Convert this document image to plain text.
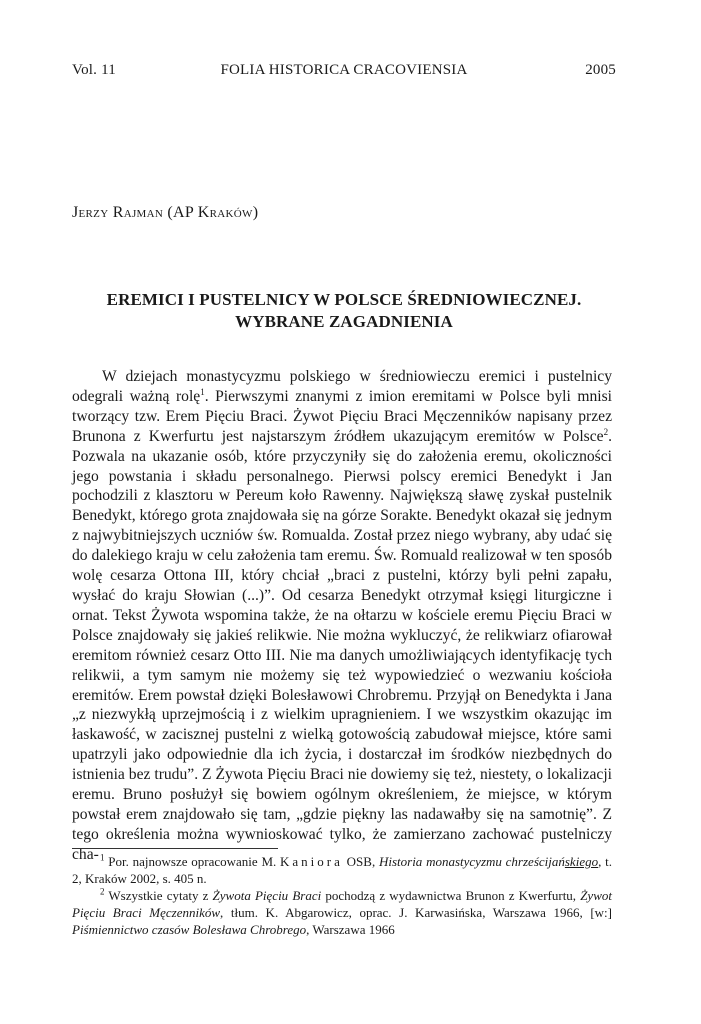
Vol. 11	FOLIA HISTORICA CRACOVIENSIA	2005
Jerzy Rajman (AP Kraków)
EREMICI I PUSTELNICY W POLSCE ŚREDNIOWIECZNEJ.
WYBRANE ZAGADNIENIA

W dziejach monastycyzmu polskiego w średniowieczu eremici i pustelnicy odegrali ważną rolę$^1$. Pierwszymi znanymi z imion eremitami w Polsce byli mnisi tworzący tzw. Erem Pięciu Braci. Żywot Pięciu Braci Męczenników napisany przez Brunona z Kwerfurtu jest najstarszym źródłem ukazującym eremitów w Polsce$^2$. Pozwala na ukazanie osób, które przyczyniły się do założenia eremu, okoliczności jego powstania i składu personalnego. Pierwsi polscy eremici Benedykt i Jan pochodzili z klasztoru w Pereum koło Rawenny. Największą sławę zyskał pustelnik Benedykt, którego grota znajdowała się na górze Sorakte. Benedykt okazał się jednym z najwybitniejszych uczniów św. Romualda. Został przez niego wybrany, aby udać się do dalekiego kraju w celu założenia tam eremu. Św. Romuald realizował w ten sposób wolę cesarza Ottona III, który chciał „braci z pustelni, którzy byli pełni zapału, wysłać do kraju Słowian (...)”. Od cesarza Benedykt otrzymał księgi liturgiczne i ornat. Tekst Żywota wspomina także, że na ołtarzu w kościele eremu Pięciu Braci w Polsce znajdowały się jakieś relikwie. Nie można wykluczyć, że relikwiarz ofiarował eremitom również cesarz Otto III. Nie ma danych umożliwiających identyfikację tych relikwii, a tym samym nie możemy się też wypowiedzieć o wezwaniu kościoła eremitów. Erem powstał dzięki Bolesławowi Chrobremu. Przyjął on Benedykta i Jana „z niezwykłą uprzejmością i z wielkim upragnieniem. I we wszystkim okazując im łaskawość, w zacisznej pustelni z wielką gotowością zabudował miejsce, które sami upatrzyli jako odpowiednie dla ich życia, i dostarczał im środków niezbędnych do istnienia bez trudu”. Z Żywota Pięciu Braci nie dowiemy się też, niestety, o lokalizacji eremu. Bruno posłużył się bowiem ogólnym określeniem, że miejsce, w którym powstał erem znajdowało się tam, „gdzie piękny las nadawałby się na samotnię”. Z tego określenia można wywnioskować tylko, że zamierzano zachować pustelniczy cha- $^1$ Por. najnowsze opracowanie M. Kaniora OSB, Historia monastycyzmu chrześcijańskiego, t. 2, Kraków 2002, s. 405 n.

$^2$ Wszystkie cytaty z Żywota Pięciu Braci pochodzą z wydawnictwa Brunon z Kwerfurtu, Żywot Pięciu Braci Męczenników, tłum. K. Abgarowicz, oprac. J. Karwasińska, Warszawa 1966, [w:] Piśmiennictwo czasów Bolesława Chrobrego, Warszawa 1966
